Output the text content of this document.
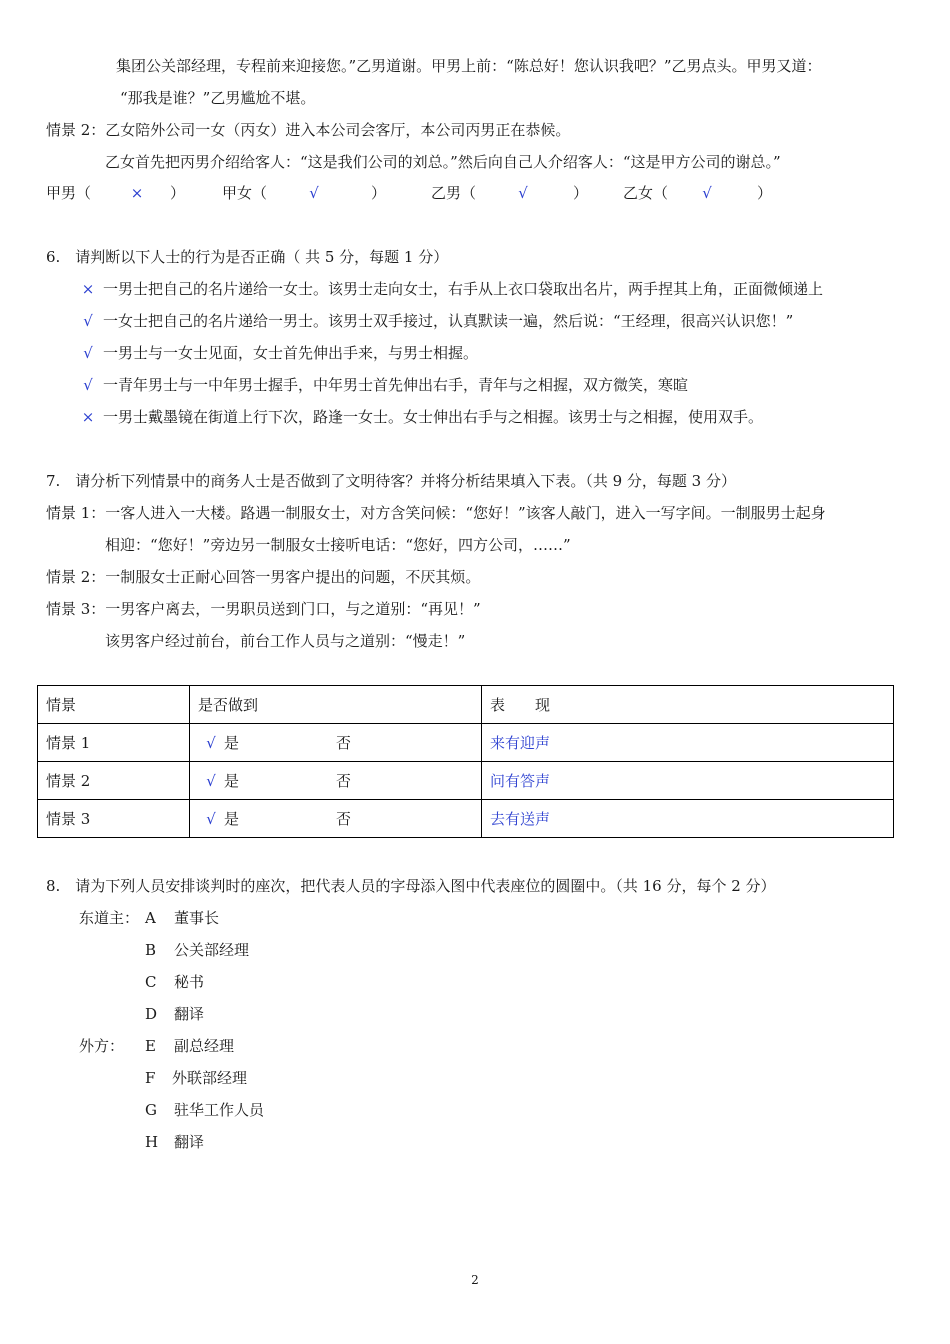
集团公关部经理，专程前来迎接您。”乙男道谢。甲男上前：“陈总好！您认识我吧？”乙男点头。甲男又道：
“那我是谁？”乙男尴尬不堪。
情景 2：乙女陪外公司一女（丙女）进入本公司会客厅，本公司丙男正在恭候。
乙女首先把丙男介绍给客人：“这是我们公司的刘总。”然后向自己人介绍客人：“这是甲方公司的谢总。”
甲男（	× ） 甲女（	√	）	乙男（	√	） 乙女（	√	）
6.　请判断以下人士的行为是否正确（ 共 5 分，每题 1 分）
× 一男士把自己的名片递给一女士。该男士走向女士，右手从上衣口袋取出名片，两手捏其上角，正面微倾递上
√ 一女士把自己的名片递给一男士。该男士双手接过，认真默读一遍，然后说：“王经理，很高兴认识您！”
√ 一男士与一女士见面，女士首先伸出手来，与男士相握。
√ 一青年男士与一中年男士握手，中年男士首先伸出右手，青年与之相握，双方微笑，寒暄
× 一男士戴墨镜在街道上行下次，路逢一女士。女士伸出右手与之相握。该男士与之相握，使用双手。
7.　请分析下列情景中的商务人士是否做到了文明待客？并将分析结果填入下表。（共 9 分，每题 3 分）
情景 1：一客人进入一大楼。路遇一制服女士，对方含笑问候：“您好！”该客人敲门，进入一写字间。一制服男士起身
相迎：“您好！”旁边另一制服女士接听电话：“您好，四方公司，……”
情景 2：一制服女士正耐心回答一男客户提出的问题，不厌其烦。
情景 3：一男客户离去，一男职员送到门口，与之道别：“再见！”
该男客户经过前台，前台工作人员与之道别：“慢走！”
情景	是否做到	表　　现
情景 1	√ 是 否	来有迎声
情景 2	√ 是 否	问有答声
情景 3	√ 是 否	去有送声
8.　请为下列人员安排谈判时的座次，把代表人员的字母添入图中代表座位的圆圈中。（共 16 分，每个 2 分）
东道主： A 董事长
B 公关部经理
C 秘书
D 翻译
外方： E 副总经理
F 外联部经理
G 驻华工作人员
H 翻译
2
